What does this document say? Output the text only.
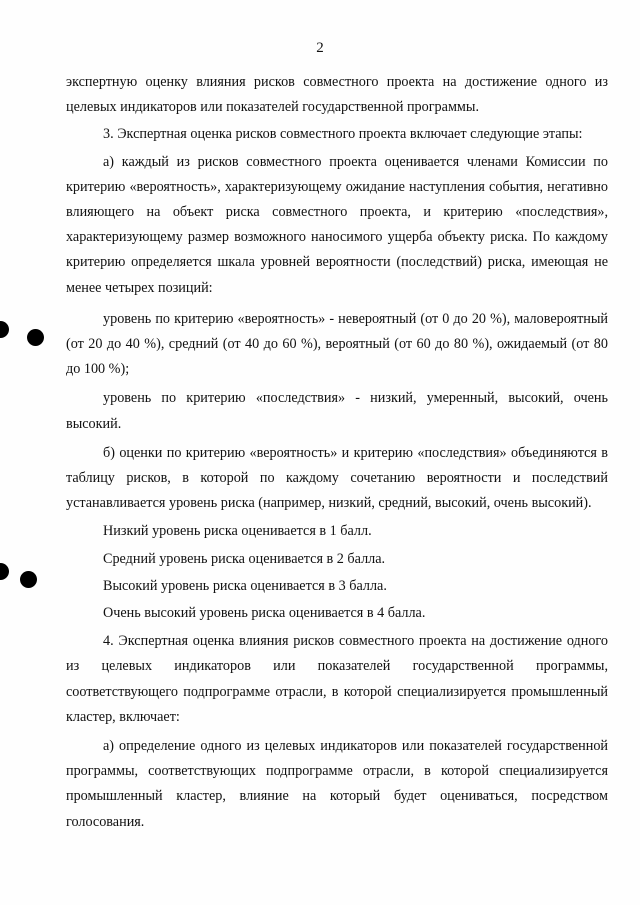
2

экспертную оценку влияния рисков совместного проекта на достижение одного из целевых индикаторов или показателей государственной программы.

3. Экспертная оценка рисков совместного проекта включает следующие этапы:

а) каждый из рисков совместного проекта оценивается членами Комиссии по критерию «вероятность», характеризующему ожидание наступления события, негативно влияющего на объект риска совместного проекта, и критерию «последствия», характеризующему размер возможного наносимого ущерба объекту риска. По каждому критерию определяется шкала уровней вероятности (последствий) риска, имеющая не менее четырех позиций:

уровень по критерию «вероятность» - невероятный (от 0 до 20 %), маловероятный (от 20 до 40 %), средний (от 40 до 60 %), вероятный (от 60 до 80 %), ожидаемый (от 80 до 100 %);

уровень по критерию «последствия» - низкий, умеренный, высокий, очень высокий.

б) оценки по критерию «вероятность» и критерию «последствия» объединяются в таблицу рисков, в которой по каждому сочетанию вероятности и последствий устанавливается уровень риска (например, низкий, средний, высокий, очень высокий).

Низкий уровень риска оценивается в 1 балл.

Средний уровень риска оценивается в 2 балла.

Высокий уровень риска оценивается в 3 балла.

Очень высокий уровень риска оценивается в 4 балла.

4. Экспертная оценка влияния рисков совместного проекта на достижение одного из целевых индикаторов или показателей государственной программы, соответствующего подпрограмме отрасли, в которой специализируется промышленный кластер, включает:

а) определение одного из целевых индикаторов или показателей государственной программы, соответствующих подпрограмме отрасли, в которой специализируется промышленный кластер, влияние на который будет оцениваться, посредством голосования.
